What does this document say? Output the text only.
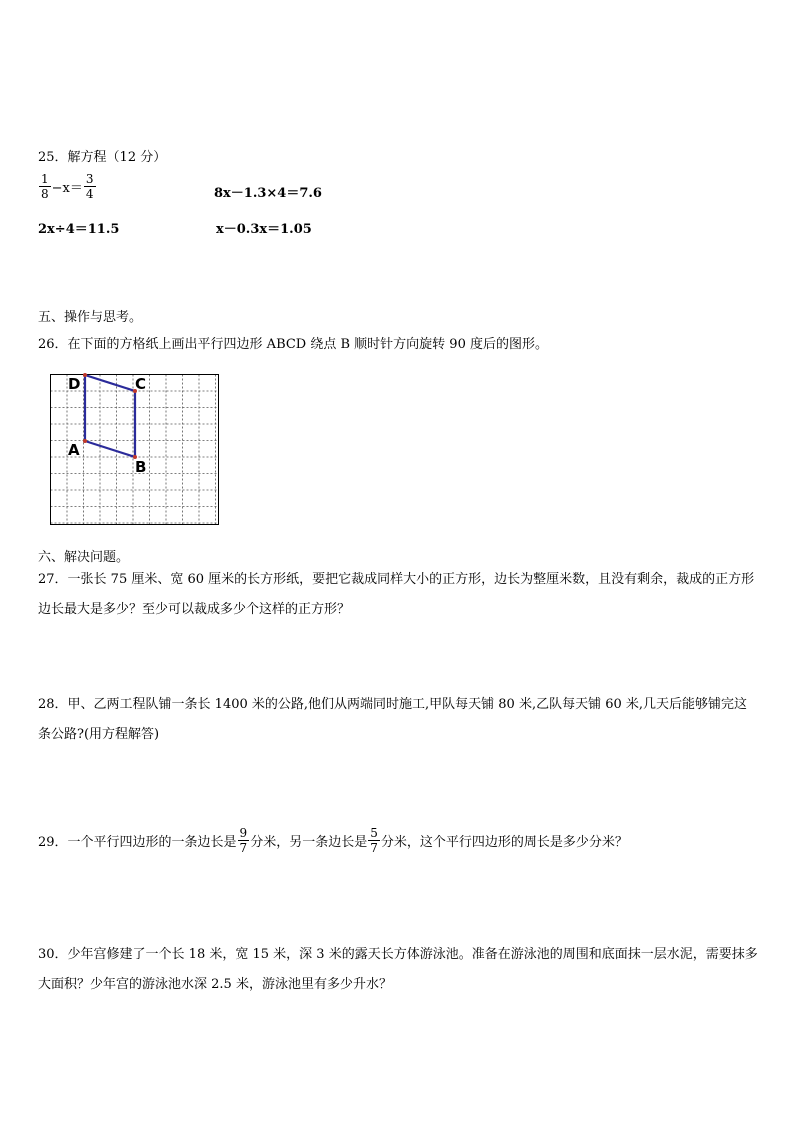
25．解方程（12 分）
$\frac{1}{8} -x= \frac{3}{4}$	8x－1.3×4＝7.6
2x÷4＝11.5	x－0.3x＝1.05
五、操作与思考。
26．在下面的方格纸上画出平行四边形 ABCD 绕点 B 顺时针方向旋转 90 度后的图形。
D	C
A
B
六、解决问题。
27．一张长 75 厘米、宽 60 厘米的长方形纸，要把它裁成同样大小的正方形，边长为整厘米数，且没有剩余，裁成的正方形边长最大是多少？至少可以裁成多少个这样的正方形？
28．甲、乙两工程队铺一条长 1400 米的公路,他们从两端同时施工,甲队每天铺 80 米,乙队每天铺 60 米,几天后能够铺完这条公路?(用方程解答)
29．一个平行四边形的一条边长是 $\frac{9}{7}$ 分米，另一条边长是 $\frac{5}{7}$ 分米，这个平行四边形的周长是多少分米？
30．少年宫修建了一个长 18 米，宽 15 米，深 3 米的露天长方体游泳池。准备在游泳池的周围和底面抹一层水泥，需要抹多大面积？少年宫的游泳池水深 2.5 米，游泳池里有多少升水？
